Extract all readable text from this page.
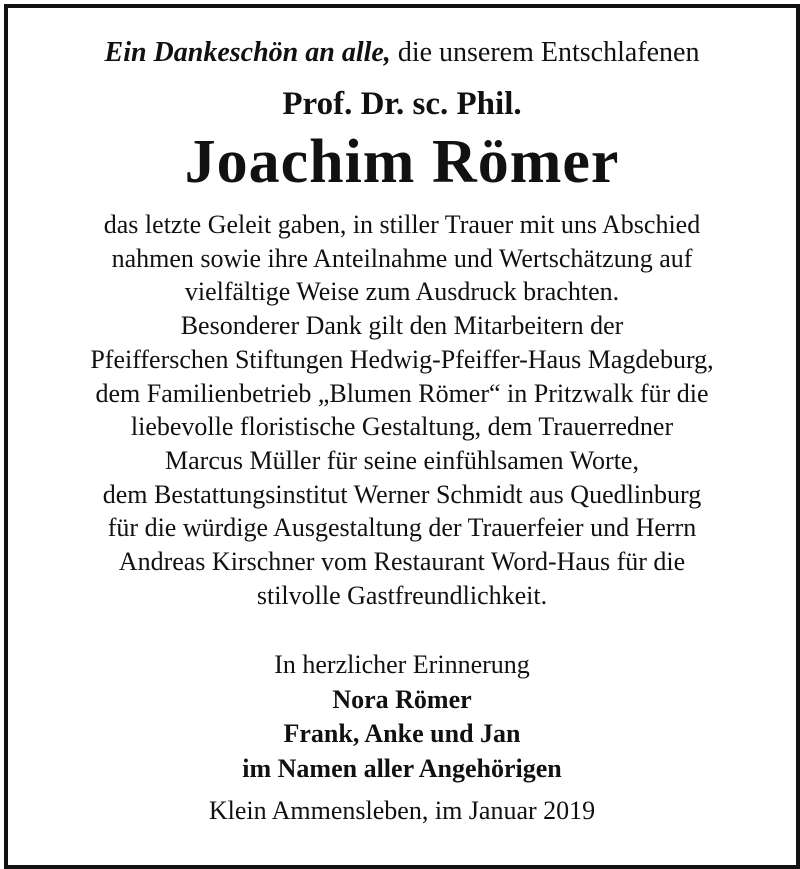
Ein Dankeschön an alle, die unserem Entschlafenen
Prof. Dr. sc. Phil.
Joachim Römer
das letzte Geleit gaben, in stiller Trauer mit uns Abschied
nahmen sowie ihre Anteilnahme und Wertschätzung auf
vielfältige Weise zum Ausdruck brachten.
Besonderer Dank gilt den Mitarbeitern der
Pfeifferschen Stiftungen Hedwig-Pfeiffer-Haus Magdeburg,
dem Familienbetrieb „Blumen Römer“ in Pritzwalk für die
liebevolle floristische Gestaltung, dem Trauerredner
Marcus Müller für seine einfühlsamen Worte,
dem Bestattungsinstitut Werner Schmidt aus Quedlinburg
für die würdige Ausgestaltung der Trauerfeier und Herrn
Andreas Kirschner vom Restaurant Word-Haus für die
stilvolle Gastfreundlichkeit.
In herzlicher Erinnerung
Nora Römer
Frank, Anke und Jan
im Namen aller Angehörigen
Klein Ammensleben, im Januar 2019
